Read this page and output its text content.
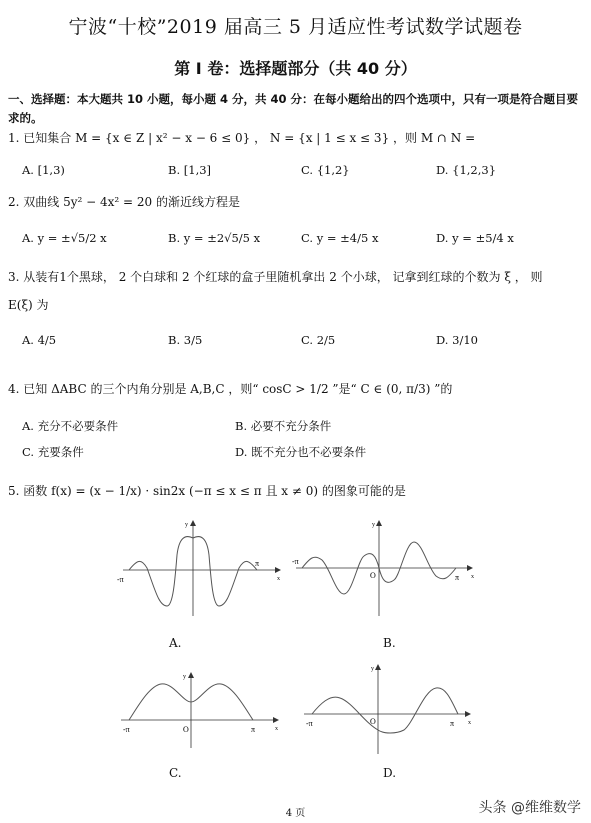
宁波“十校”2019 届高三 5 月适应性考试数学试题卷
第 I 卷：选择题部分（共 40 分）
一、选择题：本大题共 10 小题，每小题 4 分，共 40 分：在每小题给出的四个选项中，只有一项是符合题目要求的。
1. 已知集合 M = {x ∈ Z | x² − x − 6 ≤ 0} ， N = {x | 1 ≤ x ≤ 3} ，则 M ∩ N =
A. [1,3)	B. [1,3]	C. {1,2}	D. {1,2,3}
2. 双曲线 5y² − 4x² = 20 的渐近线方程是
A. y = ±√5/2 x	B. y = ±2√5/5 x	C. y = ±4/5 x	D. y = ±5/4 x
3. 从装有1个黑球， 2 个白球和 2 个红球的盒子里随机拿出 2 个小球， 记拿到红球的个数为 ξ ， 则
E(ξ) 为
A. 4/5	B. 3/5	C. 2/5	D. 3/10
4. 已知 ΔABC 的三个内角分别是 A,B,C ，则“ cosC > 1/2 ”是“ C ∈ (0, π/3) ”的
A. 充分不必要条件	B. 必要不充分条件
C. 充要条件	D. 既不充分也不必要条件
5. 函数 f(x) = (x − 1/x) · sin2x (−π ≤ x ≤ π 且 x ≠ 0) 的图象可能的是
-π
π
y
x
A.
-π
π
O
y
x
B.
-π	π
O
y
x
C.
-π	π
O
y
x
D.
4 页	头条 @维维数学
